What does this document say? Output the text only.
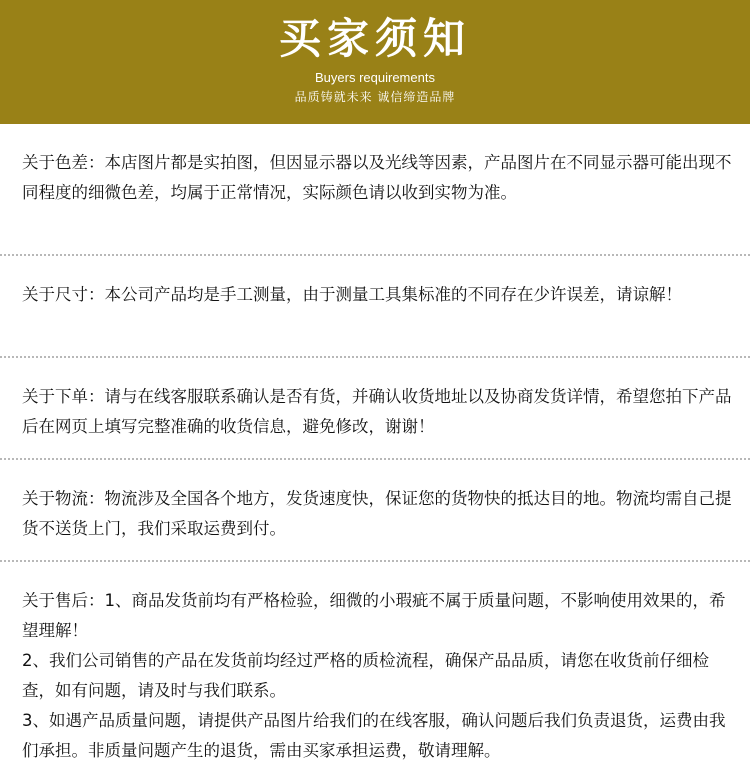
买家须知
Buyers requirements
品质铸就未来 诚信缔造品牌

关于色差：本店图片都是实拍图，但因显示器以及光线等因素，产品图片在不同显示器可能出现不同程度的细微色差，均属于正常情况，实际颜色请以收到实物为准。

关于尺寸：本公司产品均是手工测量，由于测量工具集标准的不同存在少许误差，请谅解！

关于下单：请与在线客服联系确认是否有货，并确认收货地址以及协商发货详情，希望您拍下产品后在网页上填写完整准确的收货信息，避免修改，谢谢！

关于物流：物流涉及全国各个地方，发货速度快，保证您的货物快的抵达目的地。物流均需自己提货不送货上门，我们采取运费到付。

关于售后：1、商品发货前均有严格检验，细微的小瑕疵不属于质量问题，不影响使用效果的，希望理解！

2、我们公司销售的产品在发货前均经过严格的质检流程，确保产品品质，请您在收货前仔细检查，如有问题，请及时与我们联系。

3、如遇产品质量问题，请提供产品图片给我们的在线客服，确认问题后我们负责退货，运费由我们承担。非质量问题产生的退货，需由买家承担运费，敬请理解。
